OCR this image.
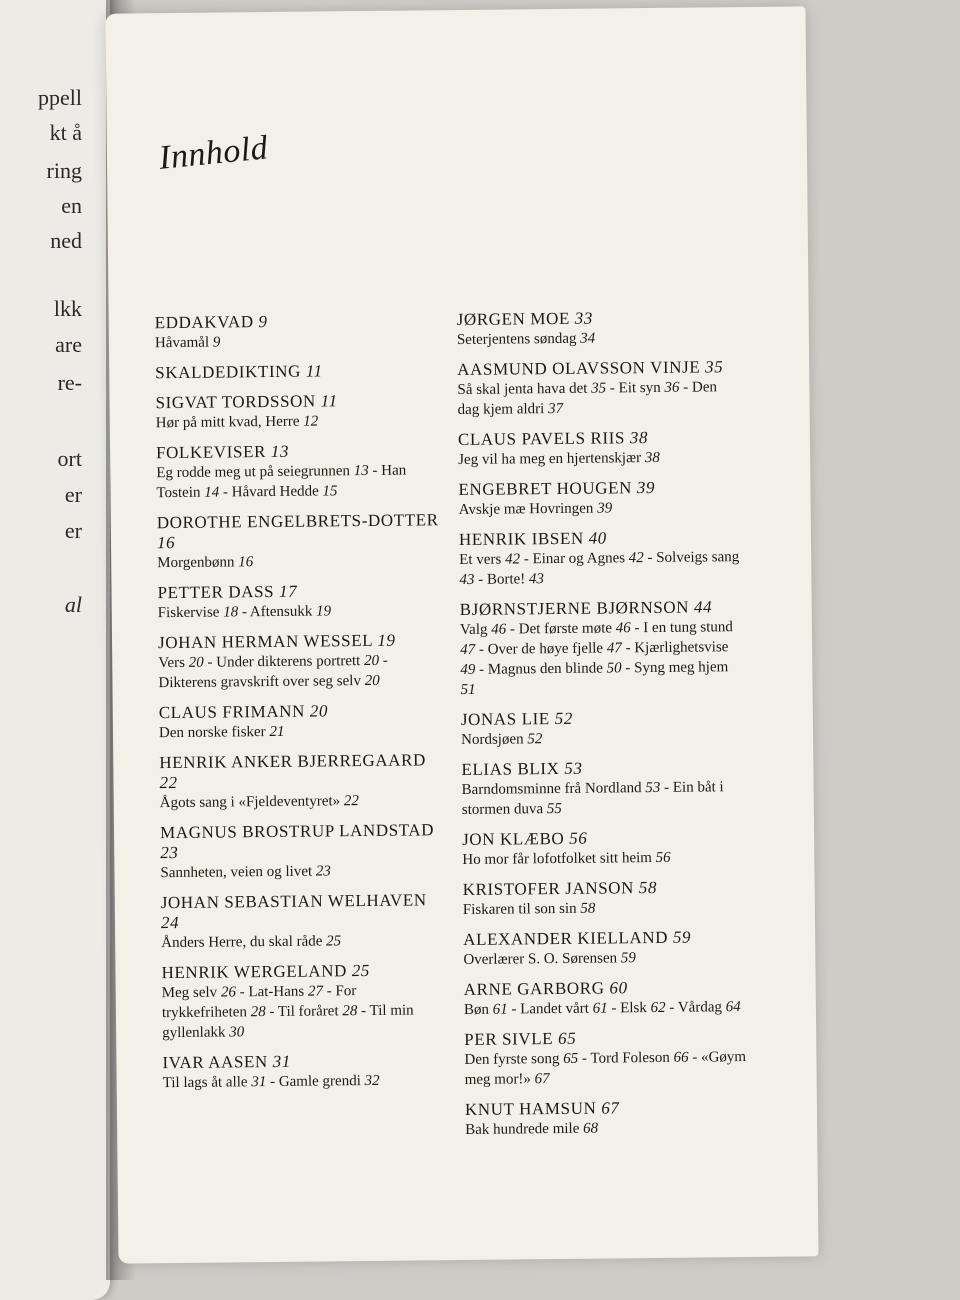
ppell
kt å
ring
en
ned
lkk
are
re-
ort
er
er
al
Innhold
EDDAKVAD 9
Håvamål 9
SKALDEDIKTING 11
SIGVAT TORDSSON 11
Hør på mitt kvad, Herre 12
FOLKEVISER 13
Eg rodde meg ut på seiegrunnen 13 - Han Tostein 14 - Håvard Hedde 15
DOROTHE ENGELBRETS-DOTTER 16
Morgenbønn 16
PETTER DASS 17
Fiskervise 18 - Aftensukk 19
JOHAN HERMAN WESSEL 19
Vers 20 - Under dikterens portrett 20 - Dikterens gravskrift over seg selv 20
CLAUS FRIMANN 20
Den norske fisker 21
HENRIK ANKER BJERREGAARD 22
Ågots sang i «Fjeldeventyret» 22
MAGNUS BROSTRUP LANDSTAD 23
Sannheten, veien og livet 23
JOHAN SEBASTIAN WELHAVEN 24
Ånders Herre, du skal råde 25
HENRIK WERGELAND 25
Meg selv 26 - Lat-Hans 27 - For trykkefriheten 28 - Til foråret 28 - Til min gyllenlakk 30
IVAR AASEN 31
Til lags åt alle 31 - Gamle grendi 32
JØRGEN MOE 33
Seterjentens søndag 34
AASMUND OLAVSSON VINJE 35
Så skal jenta hava det 35 - Eit syn 36 - Den dag kjem aldri 37
CLAUS PAVELS RIIS 38
Jeg vil ha meg en hjertenskjær 38
ENGEBRET HOUGEN 39
Avskje mæ Hovringen 39
HENRIK IBSEN 40
Et vers 42 - Einar og Agnes 42 - Solveigs sang 43 - Borte! 43
BJØRNSTJERNE BJØRNSON 44
Valg 46 - Det første møte 46 - I en tung stund 47 - Over de høye fjelle 47 - Kjærlighetsvise 49 - Magnus den blinde 50 - Syng meg hjem 51
JONAS LIE 52
Nordsjøen 52
ELIAS BLIX 53
Barndomsminne frå Nordland 53 - Ein båt i stormen duva 55
JON KLÆBO 56
Ho mor får lofotfolket sitt heim 56
KRISTOFER JANSON 58
Fiskaren til son sin 58
ALEXANDER KIELLAND 59
Overlærer S. O. Sørensen 59
ARNE GARBORG 60
Bøn 61 - Landet vårt 61 - Elsk 62 - Vårdag 64
PER SIVLE 65
Den fyrste song 65 - Tord Foleson 66 - «Gøym meg mor!» 67
KNUT HAMSUN 67
Bak hundrede mile 68
